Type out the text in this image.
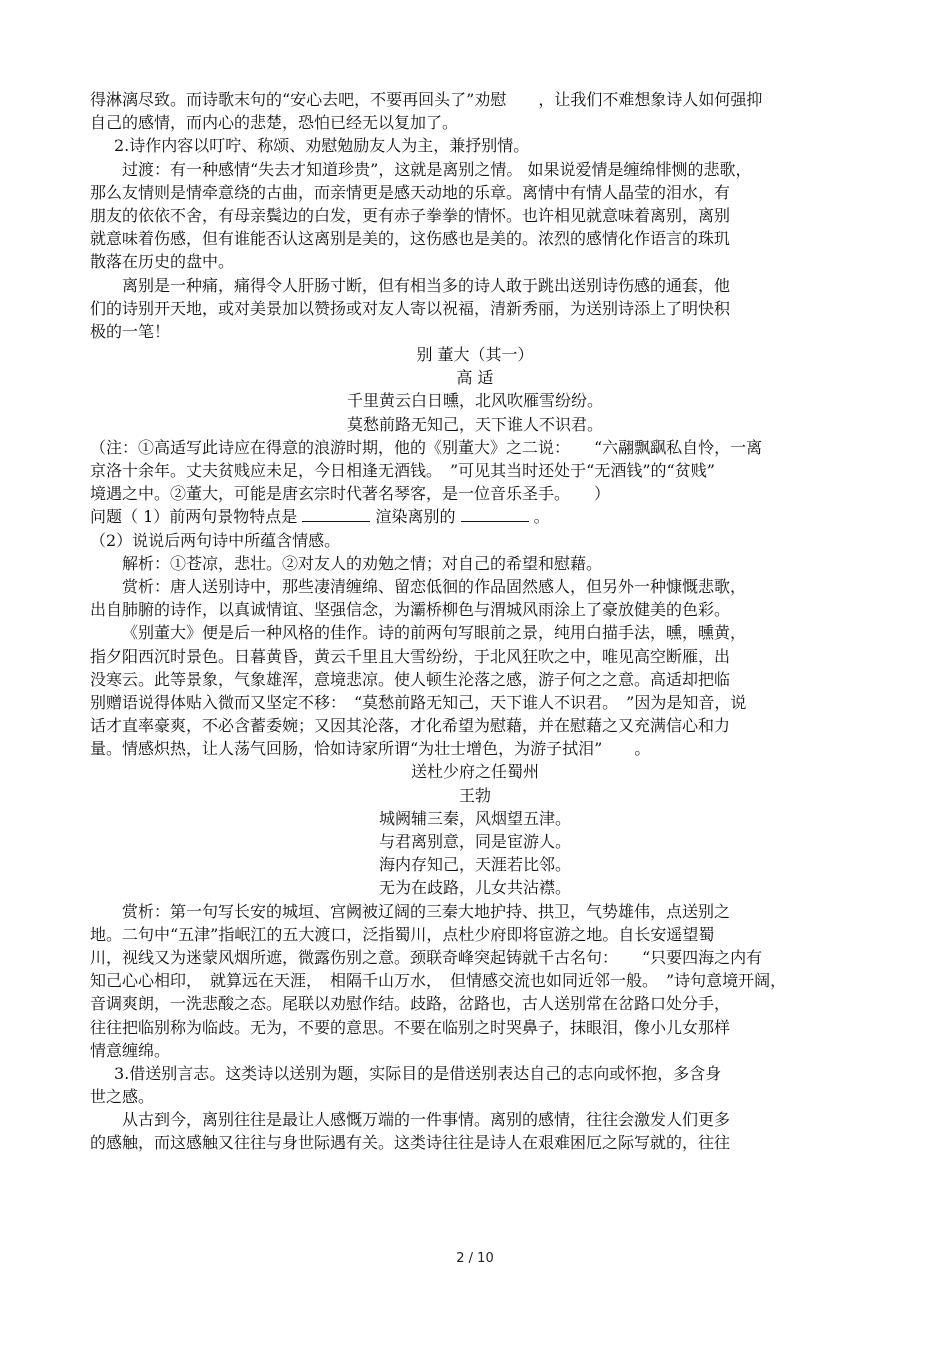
得淋漓尽致。而诗歌末句的“安心去吧，不要再回头了”劝慰　　，让我们不难想象诗人如何强抑
自己的感情，而内心的悲楚，恐怕已经无以复加了。
2.诗作内容以叮咛、称颂、劝慰勉励友人为主，兼抒别情。
过渡：有一种感情“失去才知道珍贵”，这就是离别之情。 如果说爱情是缠绵悱恻的悲歌，
那么友情则是情牵意绕的古曲，而亲情更是感天动地的乐章。离情中有情人晶莹的泪水，有
朋友的依依不舍，有母亲鬓边的白发，更有赤子拳拳的情怀。也许相见就意味着离别，离别
就意味着伤感，但有谁能否认这离别是美的，这伤感也是美的。浓烈的感情化作语言的珠玑
散落在历史的盘中。
离别是一种痛，痛得令人肝肠寸断，但有相当多的诗人敢于跳出送别诗伤感的通套，他
们的诗别开天地，或对美景加以赞扬或对友人寄以祝福，清新秀丽，为送别诗添上了明快积
极的一笔！
别 董大（其一）
高 适
千里黄云白日曛，北风吹雁雪纷纷。
莫愁前路无知己，天下谁人不识君。
（注：①高适写此诗应在得意的浪游时期，他的《别董大》之二说：　　“六翮飘飖私自怜，一离
京洛十余年。丈夫贫贱应未足，今日相逢无酒钱。　”可见其当时还处于“无酒钱”的“贫贱”
境遇之中。②董大，可能是唐玄宗时代著名琴客，是一位音乐圣手。　　）
问题（ 1）前两句景物特点是	渲染离别的	。
（2）说说后两句诗中所蕴含情感。
解析：①苍凉，悲壮。②对友人的劝勉之情；对自己的希望和慰藉。
赏析：唐人送别诗中，那些凄清缠绵、留恋低徊的作品固然感人，但另外一种慷慨悲歌，
出自肺腑的诗作，以真诚情谊、坚强信念，为灞桥柳色与渭城风雨涂上了豪放健美的色彩。
《别董大》便是后一种风格的佳作。诗的前两句写眼前之景，纯用白描手法，曛，曛黄，
指夕阳西沉时景色。日暮黄昏，黄云千里且大雪纷纷，于北风狂吹之中，唯见高空断雁，出
没寒云。此等景象，气象雄浑，意境悲凉。使人顿生沦落之感，游子何之之意。高适却把临
别赠语说得体贴入微而又坚定不移：　“莫愁前路无知己，天下谁人不识君。　”因为是知音，说
话才直率豪爽，不必含蓄委婉；又因其沦落，才化希望为慰藉，并在慰藉之又充满信心和力
量。情感炽热，让人荡气回肠，恰如诗家所谓“为壮士增色，为游子拭泪”　　。
送杜少府之任蜀州
王勃
城阙辅三秦，风烟望五津。
与君离别意，同是宦游人。
海内存知己，天涯若比邻。
无为在歧路，儿女共沾襟。
赏析：第一句写长安的城垣、宫阙被辽阔的三秦大地护持、拱卫，气势雄伟，点送别之
地。二句中“五津”指岷江的五大渡口，泛指蜀川，点杜少府即将宦游之地。自长安遥望蜀
川，视线又为迷蒙风烟所遮，微露伤别之意。颈联奇峰突起铸就千古名句：　　“只要四海之内有
知己心心相印，　就算远在天涯，　相隔千山万水，　但情感交流也如同近邻一般。　”诗句意境开阔，
音调爽朗，一洗悲酸之态。尾联以劝慰作结。歧路，岔路也，古人送别常在岔路口处分手，
往往把临别称为临歧。无为，不要的意思。不要在临别之时哭鼻子，抹眼泪，像小儿女那样
情意缠绵。
3.借送别言志。这类诗以送别为题，实际目的是借送别表达自己的志向或怀抱，多含身
世之感。
从古到今，离别往往是最让人感慨万端的一件事情。离别的感情，往往会激发人们更多
的感触，而这感触又往往与身世际遇有关。这类诗往往是诗人在艰难困厄之际写就的，往往
2 / 10
